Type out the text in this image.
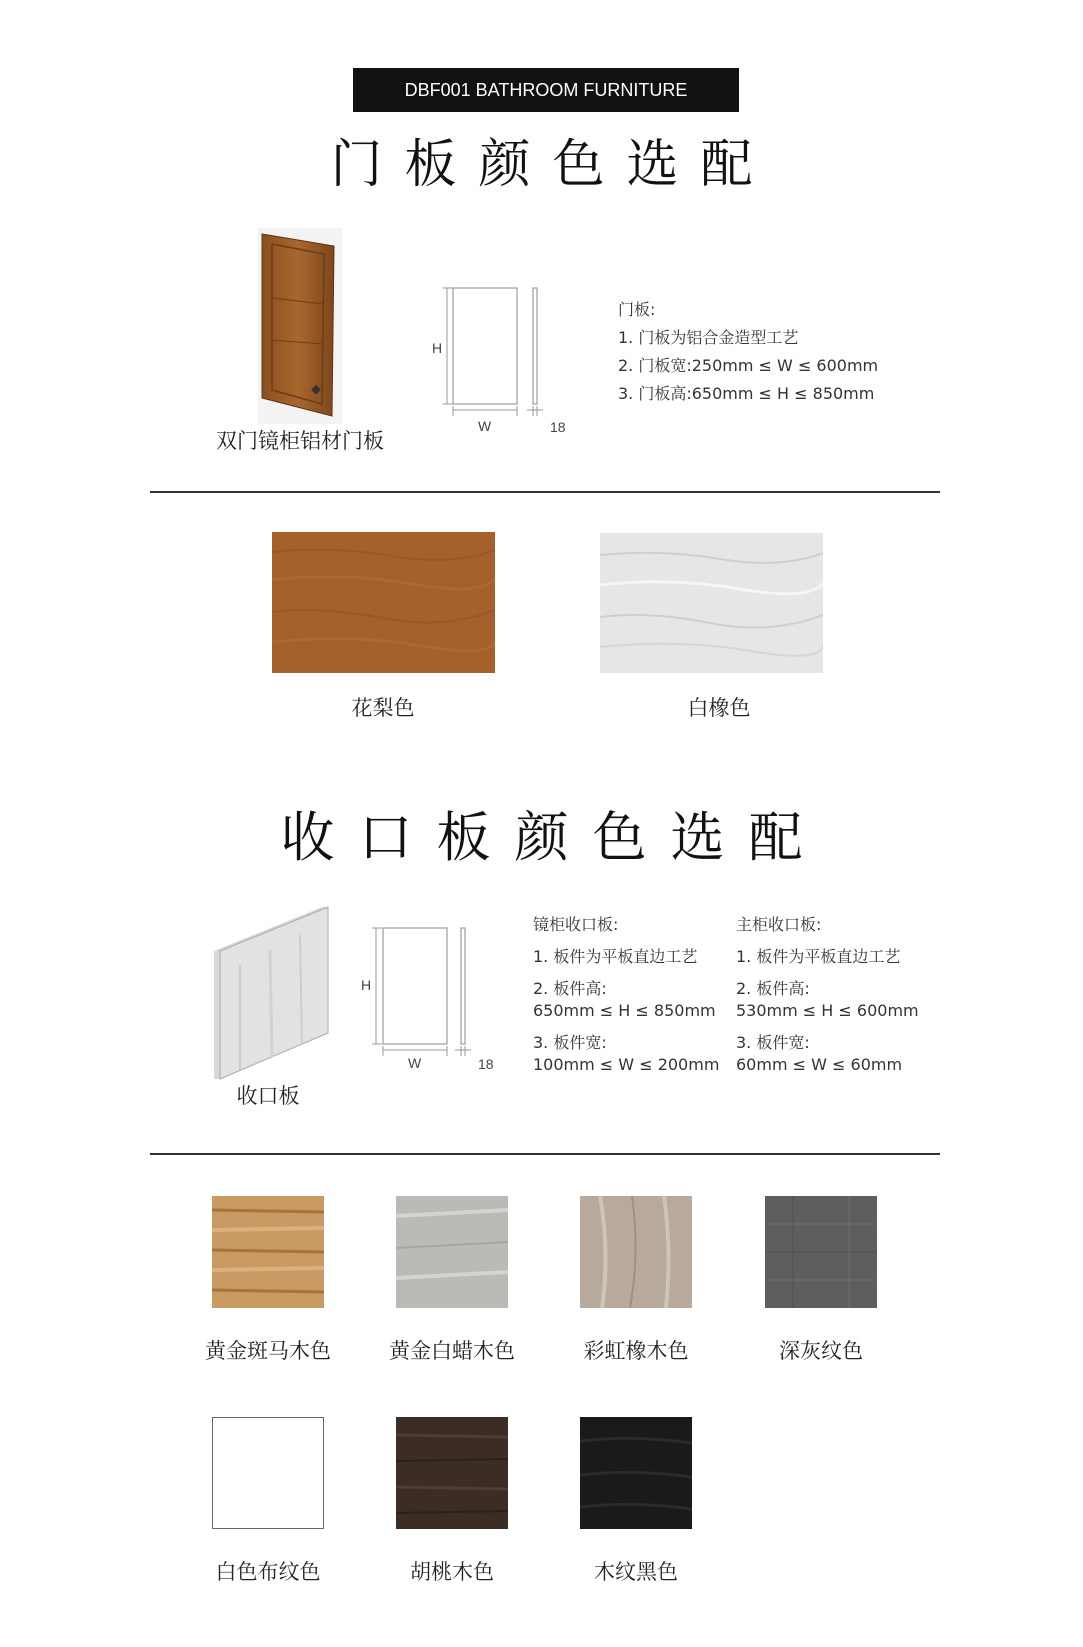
DBF001 BATHROOM FURNITURE
门板颜色选配
双门镜柜铝材门板
H
W	18
门板:
1. 门板为铝合金造型工艺
2. 门板宽:250mm ≤ W ≤ 600mm
3. 门板高:650mm ≤ H ≤ 850mm
花梨色	白橡色
收口板颜色选配
收口板
H
W	18
镜柜收口板:
1. 板件为平板直边工艺
2. 板件高:
650mm ≤ H ≤ 850mm
3. 板件宽:
100mm ≤ W ≤ 200mm
主柜收口板:
1. 板件为平板直边工艺
2. 板件高:
530mm ≤ H ≤ 600mm
3. 板件宽:
60mm ≤ W ≤ 60mm
黄金斑马木色	黄金白蜡木色	彩虹橡木色	深灰纹色
白色布纹色	胡桃木色	木纹黑色
